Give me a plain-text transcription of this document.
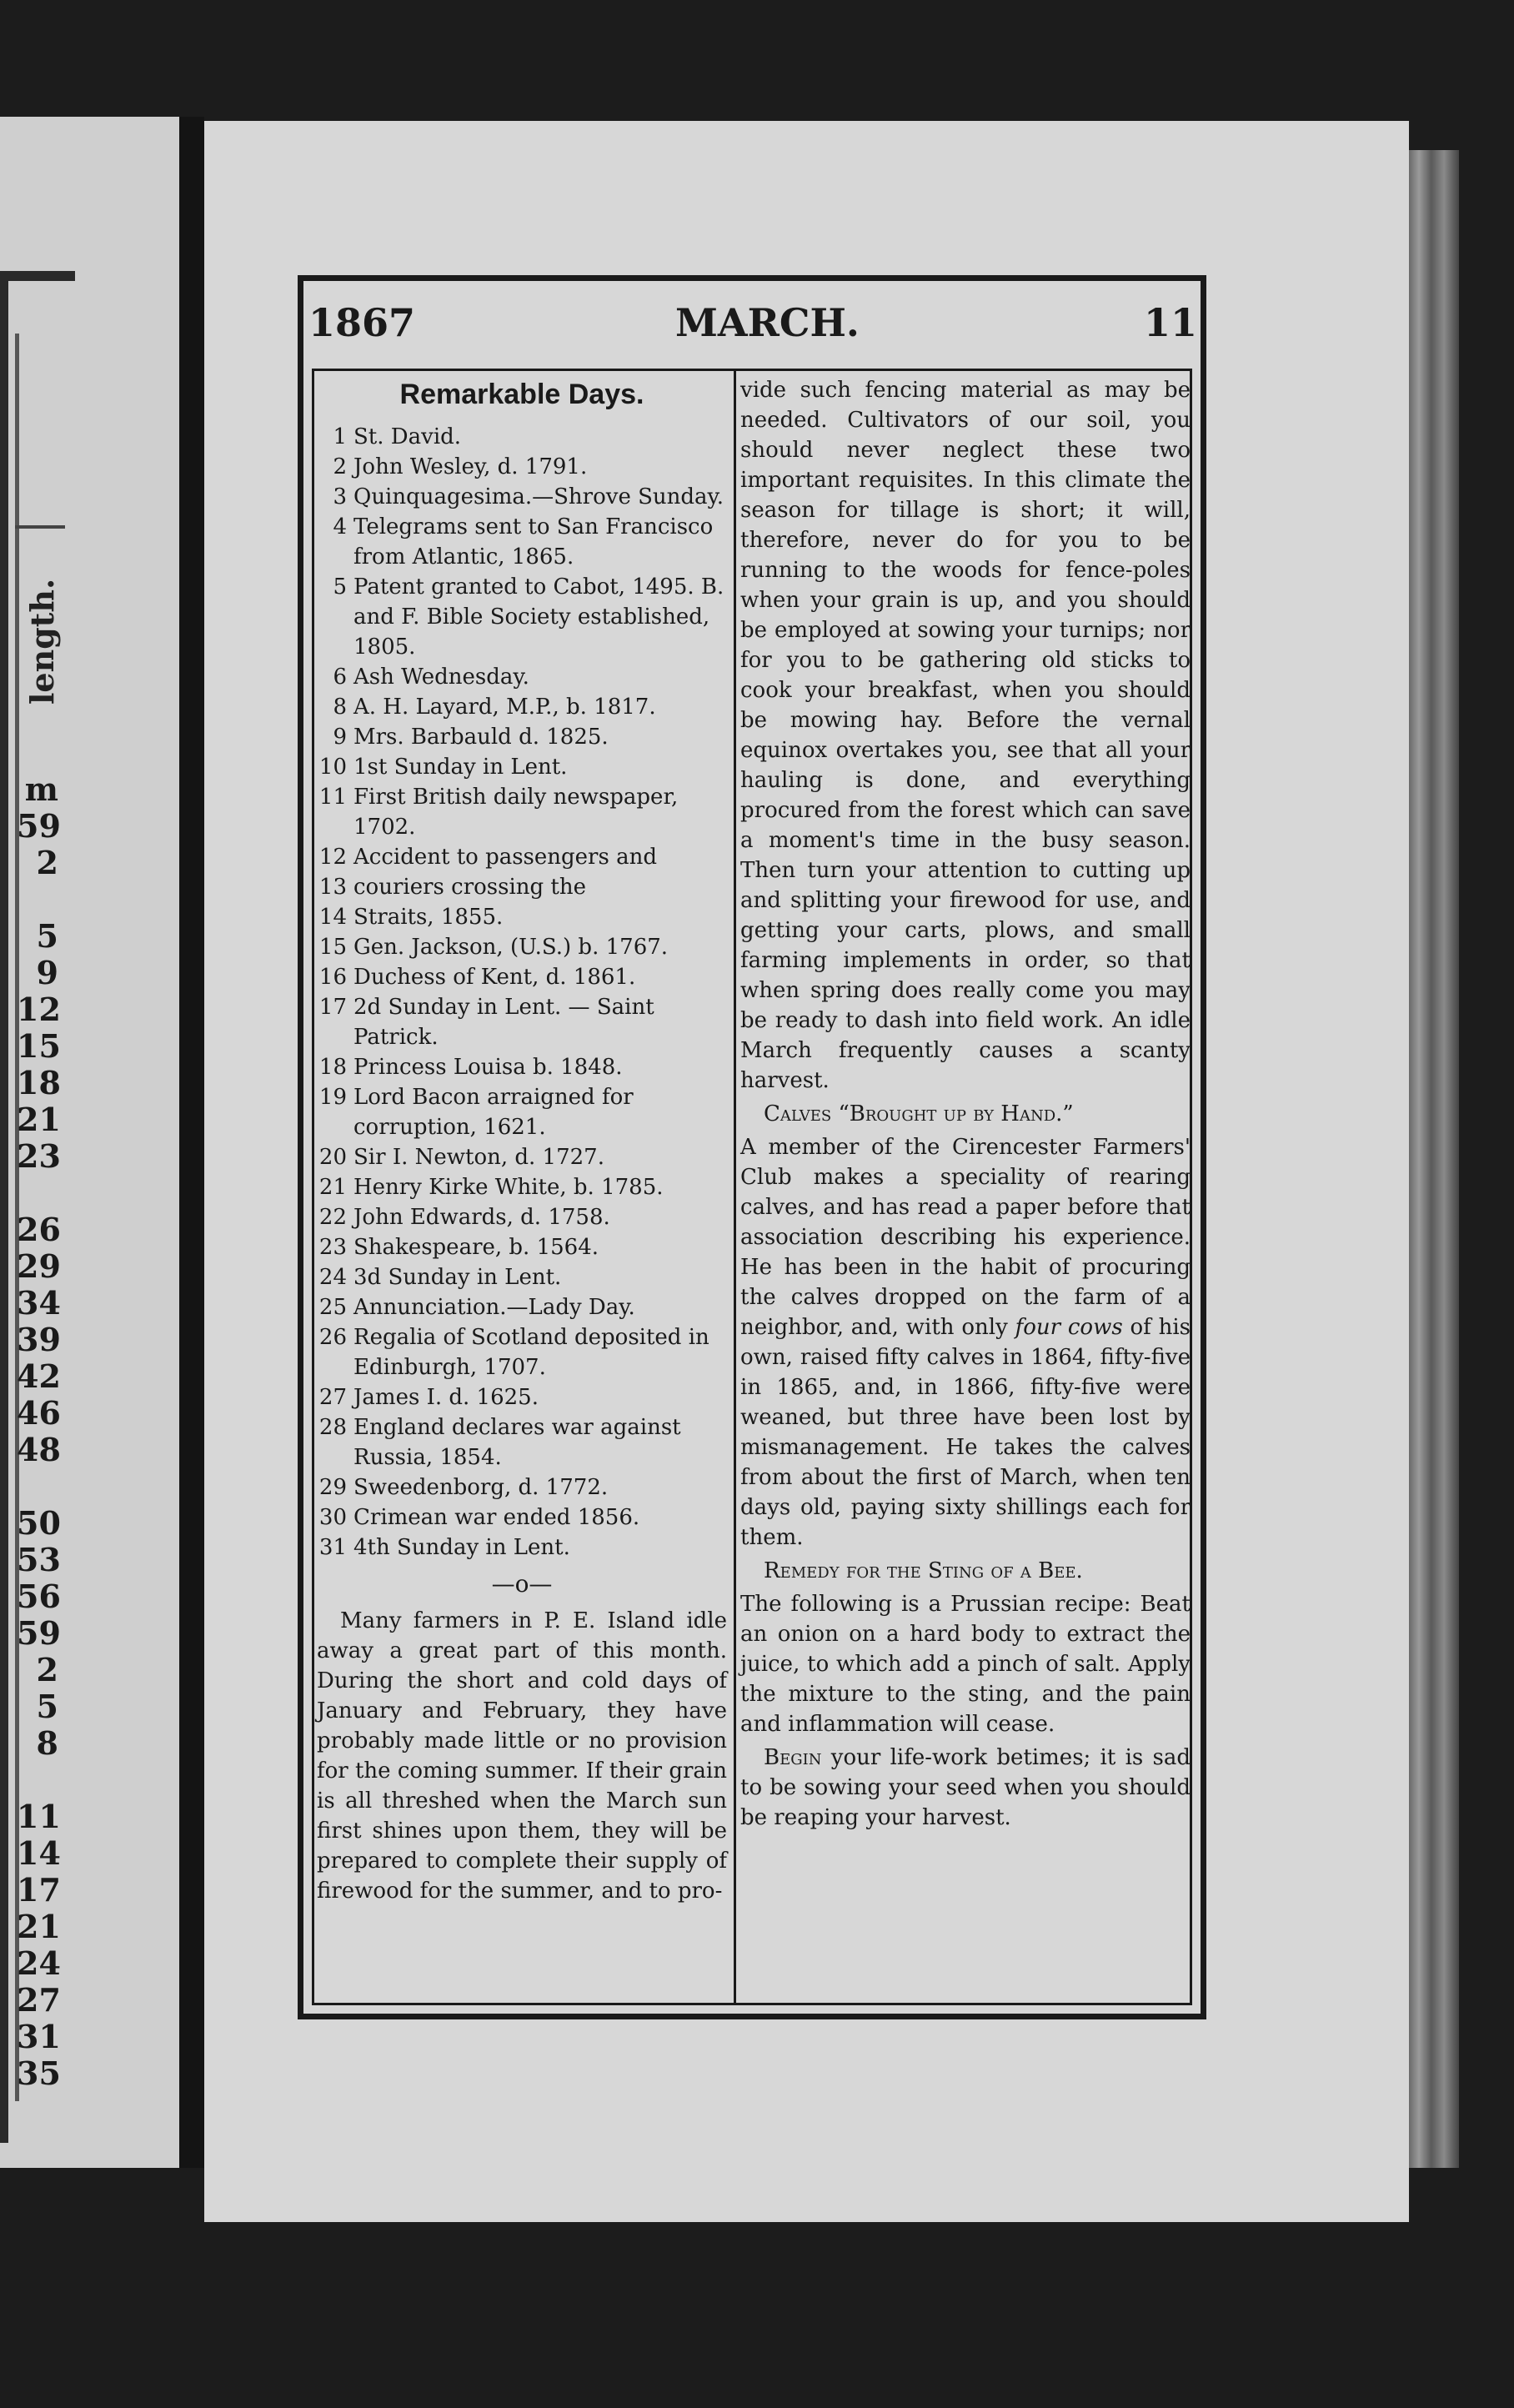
length.
m
59
2
5
9
12
15
18
21
23
26
29
34
39
42
46
48
50
53
56
59
2
5
8
11
14
17
21
24
27
31
35
1867	MARCH.	11
Remarkable Days.
1 St. David.
2 John Wesley, d. 1791.
3 Quinquagesima.—Shrove Sunday.
4 Telegrams sent to San Francisco from Atlantic, 1865.
5 Patent granted to Cabot, 1495. B. and F. Bible Society established, 1805.
6 Ash Wednesday.
8 A. H. Layard, M.P., b. 1817.
9 Mrs. Barbauld d. 1825.
10 1st Sunday in Lent.
11 First British daily newspaper, 1702.
12 Accident to passengers and
13 couriers crossing the
14 Straits, 1855.
15 Gen. Jackson, (U.S.) b. 1767.
16 Duchess of Kent, d. 1861.
17 2d Sunday in Lent. — Saint Patrick.
18 Princess Louisa b. 1848.
19 Lord Bacon arraigned for corruption, 1621.
20 Sir I. Newton, d. 1727.
21 Henry Kirke White, b. 1785.
22 John Edwards, d. 1758.
23 Shakespeare, b. 1564.
24 3d Sunday in Lent.
25 Annunciation.—Lady Day.
26 Regalia of Scotland deposited in Edinburgh, 1707.
27 James I. d. 1625.
28 England declares war against Russia, 1854.
29 Sweedenborg, d. 1772.
30 Crimean war ended 1856.
31 4th Sunday in Lent.
—o—

Many farmers in P. E. Island idle away a great part of this month. During the short and cold days of January and February, they have probably made little or no provision for the coming summer. If their grain is all threshed when the March sun first shines upon them, they will be prepared to complete their supply of firewood for the summer, and to pro-

vide such fencing material as may be needed. Cultivators of our soil, you should never neglect these two important requisites. In this climate the season for tillage is short; it will, therefore, never do for you to be running to the woods for fence-poles when your grain is up, and you should be employed at sowing your turnips; nor for you to be gathering old sticks to cook your breakfast, when you should be mowing hay. Before the vernal equinox overtakes you, see that all your hauling is done, and everything procured from the forest which can save a moment's time in the busy season. Then turn your attention to cutting up and splitting your firewood for use, and getting your carts, plows, and small farming implements in order, so that when spring does really come you may be ready to dash into field work. An idle March frequently causes a scanty harvest.

Calves “Brought up by Hand.”

A member of the Cirencester Farmers' Club makes a speciality of rearing calves, and has read a paper before that association describing his experience. He has been in the habit of procuring the calves dropped on the farm of a neighbor, and, with only four cows of his own, raised fifty calves in 1864, fifty-five in 1865, and, in 1866, fifty-five were weaned, but three have been lost by mismanagement. He takes the calves from about the first of March, when ten days old, paying sixty shillings each for them.

Remedy for the Sting of a Bee.

The following is a Prussian recipe: Beat an onion on a hard body to extract the juice, to which add a pinch of salt. Apply the mixture to the sting, and the pain and inflammation will cease.

Begin your life-work betimes; it is sad to be sowing your seed when you should be reaping your harvest.
